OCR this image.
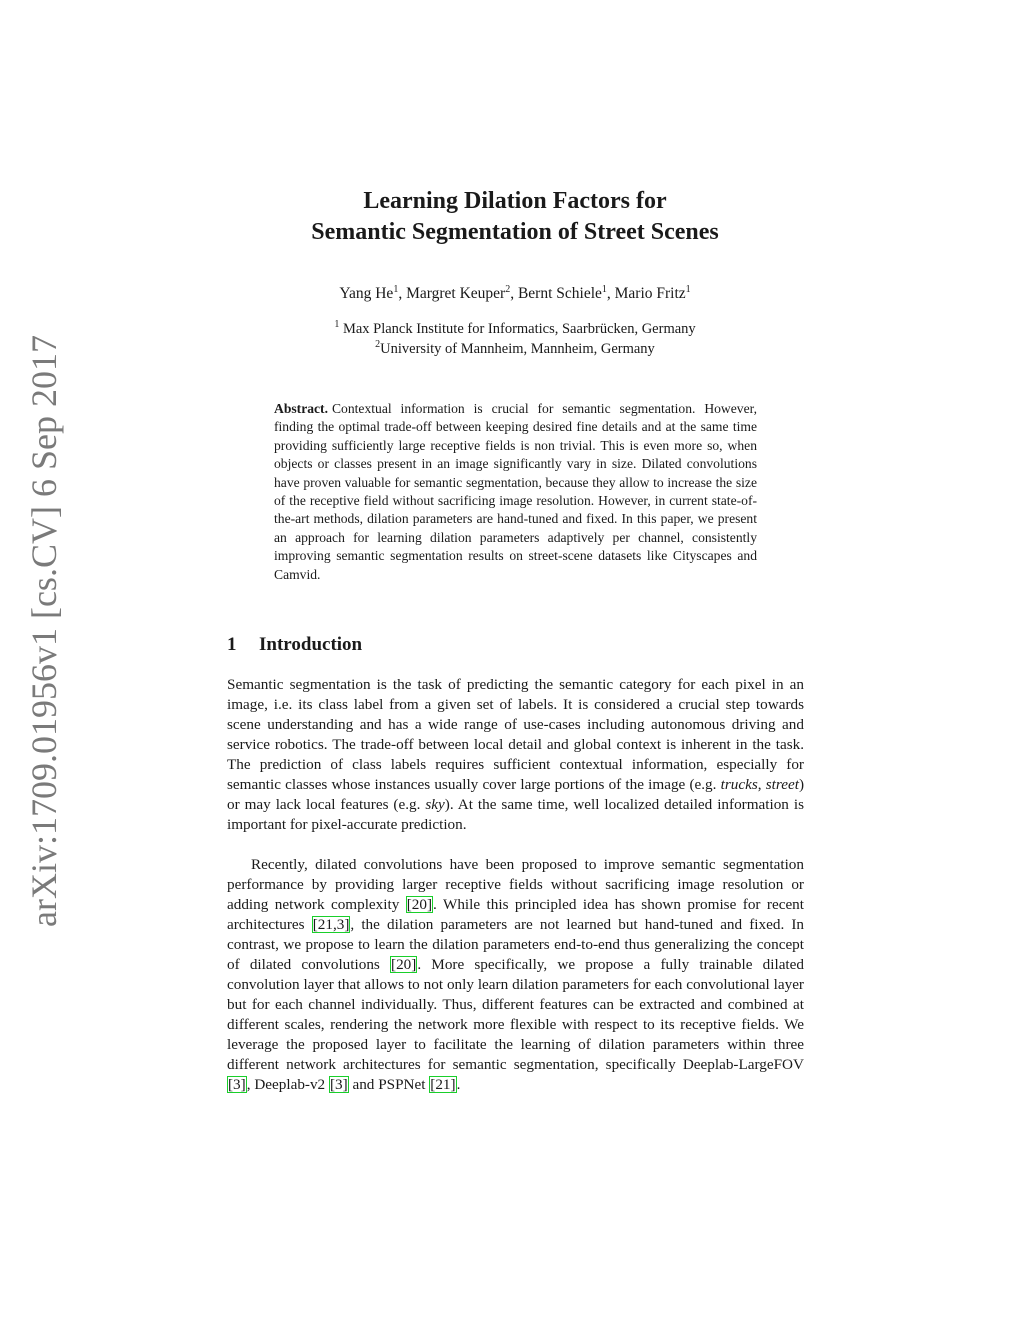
arXiv:1709.01956v1 [cs.CV] 6 Sep 2017
Learning Dilation Factors for
Semantic Segmentation of Street Scenes
Yang He$^1$, Margret Keuper$^2$, Bernt Schiele$^1$, Mario Fritz$^1$
$^1$ Max Planck Institute for Informatics, Saarbrücken, Germany
$^2$University of Mannheim, Mannheim, Germany
Abstract. Contextual information is crucial for semantic segmentation. However, finding the optimal trade-off between keeping desired fine details and at the same time providing sufficiently large receptive fields is non trivial. This is even more so, when objects or classes present in an image significantly vary in size. Dilated convolutions have proven valuable for semantic segmentation, because they allow to increase the size of the receptive field without sacrificing image resolution. However, in current state-of-the-art methods, dilation parameters are hand-tuned and fixed. In this paper, we present an approach for learning dilation parameters adaptively per channel, consistently improving semantic segmentation results on street-scene datasets like Cityscapes and Camvid.
1 Introduction
Semantic segmentation is the task of predicting the semantic category for each pixel in an image, i.e. its class label from a given set of labels. It is considered a crucial step towards scene understanding and has a wide range of use-cases including autonomous driving and service robotics. The trade-off between local detail and global context is inherent in the task. The prediction of class labels requires sufficient contextual information, especially for semantic classes whose instances usually cover large portions of the image (e.g. trucks, street) or may lack local features (e.g. sky). At the same time, well localized detailed information is important for pixel-accurate prediction.
Recently, dilated convolutions have been proposed to improve semantic segmentation performance by providing larger receptive fields without sacrificing image resolution or adding network complexity [20]. While this principled idea has shown promise for recent architectures [21,3], the dilation parameters are not learned but hand-tuned and fixed. In contrast, we propose to learn the dilation parameters end-to-end thus generalizing the concept of dilated convolutions [20]. More specifically, we propose a fully trainable dilated convolution layer that allows to not only learn dilation parameters for each convolutional layer but for each channel individually. Thus, different features can be extracted and combined at different scales, rendering the network more flexible with respect to its receptive fields. We leverage the proposed layer to facilitate the learning of dilation parameters within three different network architectures for semantic segmentation, specifically Deeplab-LargeFOV [3], Deeplab-v2 [3] and PSPNet [21].
